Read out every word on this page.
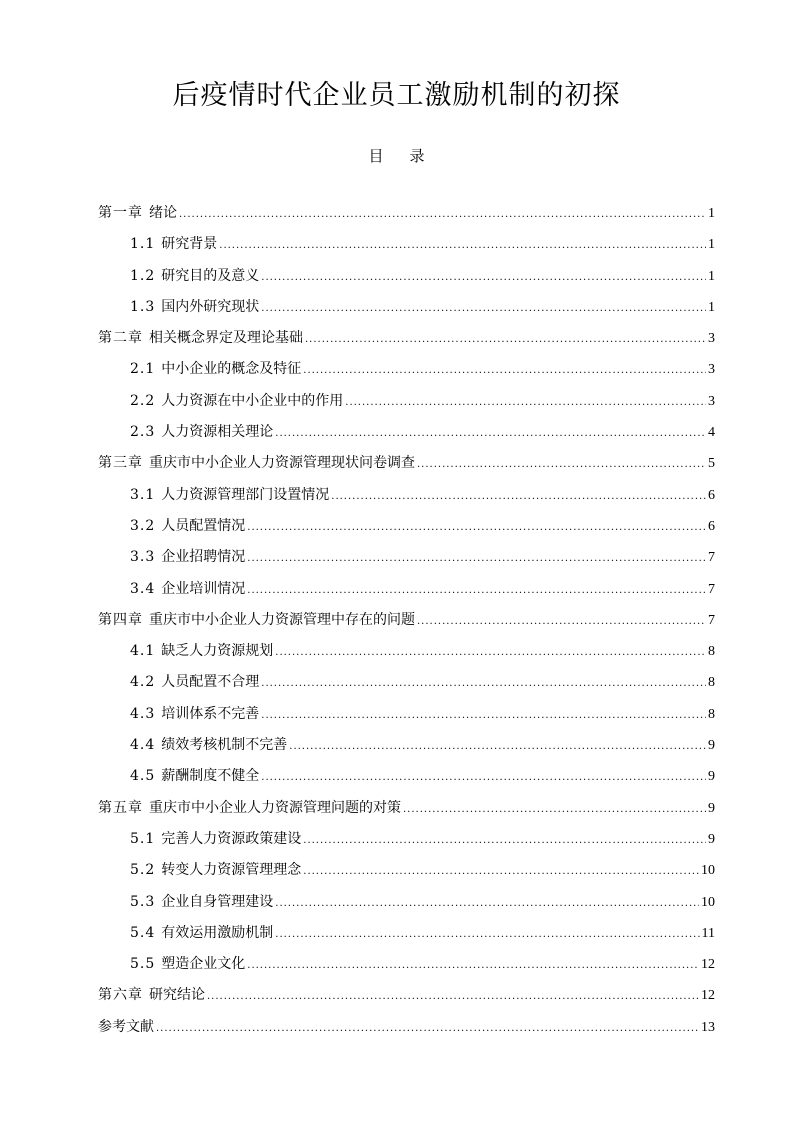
后疫情时代企业员工激励机制的初探
目 录
第一章 绪论 .....	1
1.1 研究背景 .....	1
1.2 研究目的及意义 .....	1
1.3 国内外研究现状 .....	1
第二章 相关概念界定及理论基础 .....	3
2.1 中小企业的概念及特征 .....	3
2.2 人力资源在中小企业中的作用 .....	3
2.3 人力资源相关理论 .....	4
第三章 重庆市中小企业人力资源管理现状问卷调查 .....	5
3.1 人力资源管理部门设置情况 .....	6
3.2 人员配置情况 .....	6
3.3 企业招聘情况 .....	7
3.4 企业培训情况 .....	7
第四章 重庆市中小企业人力资源管理中存在的问题 .....	7
4.1 缺乏人力资源规划 .....	8
4.2 人员配置不合理 .....	8
4.3 培训体系不完善 .....	8
4.4 绩效考核机制不完善 .....	9
4.5 薪酬制度不健全 .....	9
第五章 重庆市中小企业人力资源管理问题的对策 .....	9
5.1 完善人力资源政策建设 .....	9
5.2 转变人力资源管理理念 .....	10
5.3 企业自身管理建设 .....	10
5.4 有效运用激励机制 .....	11
5.5 塑造企业文化 .....	12
第六章 研究结论 .....	12
参考文献 .....	13
